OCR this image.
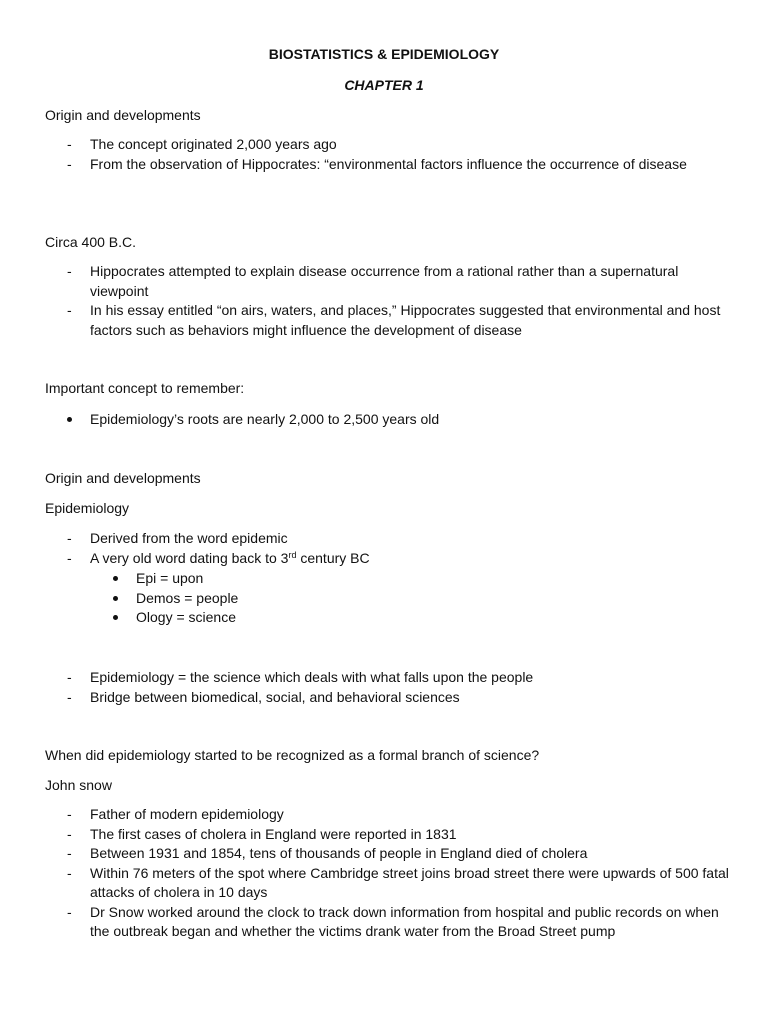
BIOSTATISTICS & EPIDEMIOLOGY
CHAPTER 1
Origin and developments
- The concept originated 2,000 years ago
- From the observation of Hippocrates: “environmental factors influence the occurrence of disease
Circa 400 B.C.
- Hippocrates attempted to explain disease occurrence from a rational rather than a supernatural viewpoint
- In his essay entitled “on airs, waters, and places,” Hippocrates suggested that environmental and host factors such as behaviors might influence the development of disease
Important concept to remember:
Epidemiology’s roots are nearly 2,000 to 2,500 years old
Origin and developments
Epidemiology
- Derived from the word epidemic
- A very old word dating back to 3rd century BC
Epi = upon
Demos = people
Ology = science
- Epidemiology = the science which deals with what falls upon the people
- Bridge between biomedical, social, and behavioral sciences
When did epidemiology started to be recognized as a formal branch of science?
John snow
- Father of modern epidemiology
- The first cases of cholera in England were reported in 1831
- Between 1931 and 1854, tens of thousands of people in England died of cholera
- Within 76 meters of the spot where Cambridge street joins broad street there were upwards of 500 fatal attacks of cholera in 10 days
- Dr Snow worked around the clock to track down information from hospital and public records on when the outbreak began and whether the victims drank water from the Broad Street pump
